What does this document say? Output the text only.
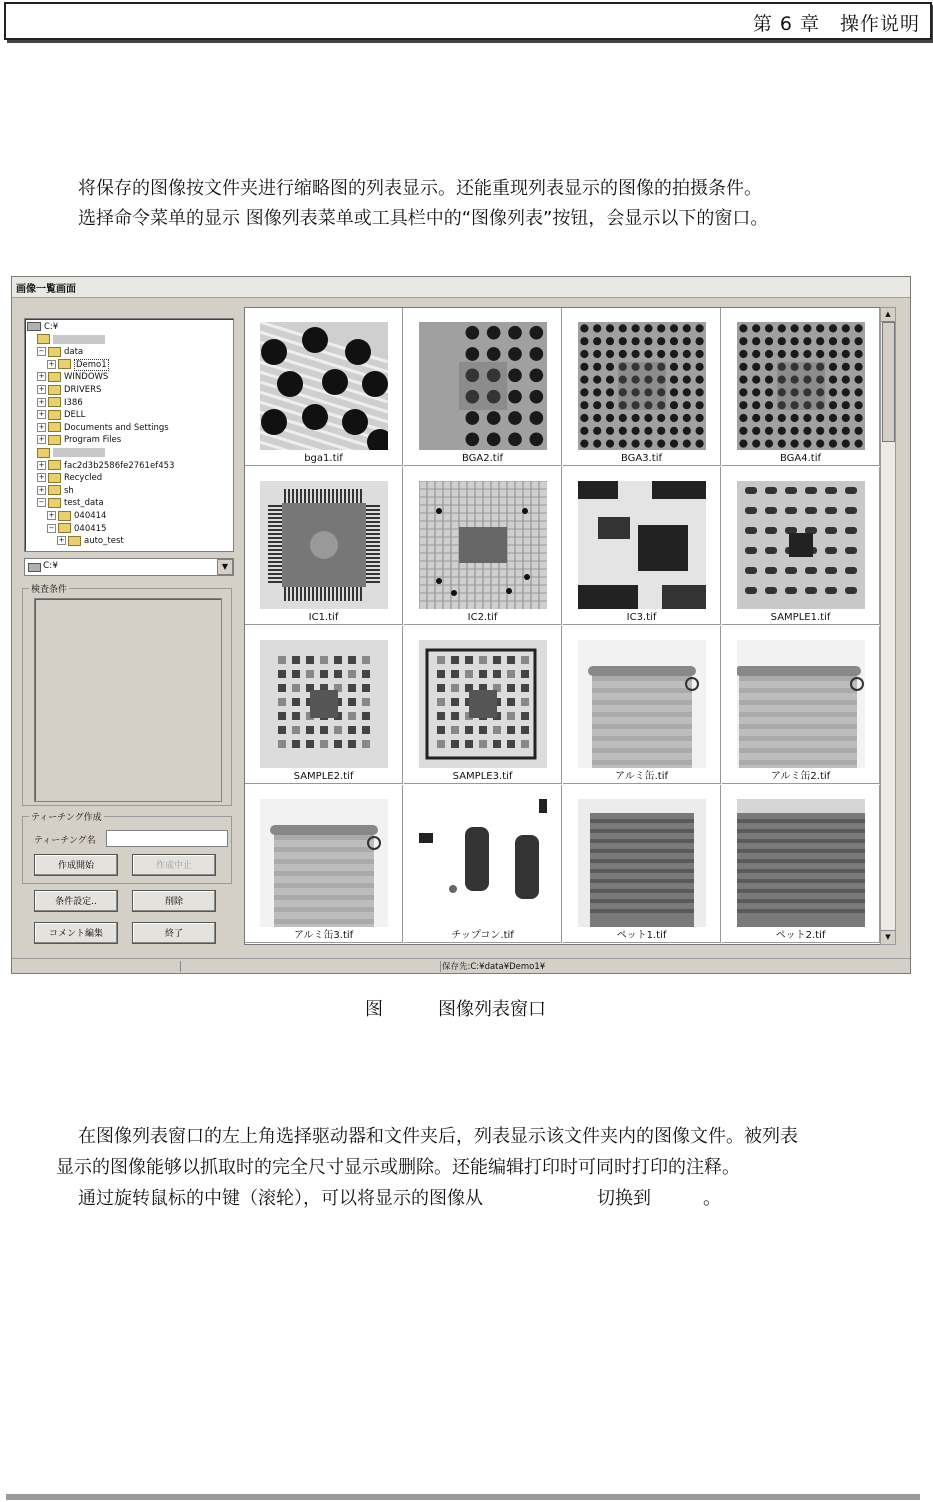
第 6 章　操作说明
将保存的图像按文件夹进行缩略图的列表显示。还能重现列表显示的图像的拍摄条件。
选择命令菜单的显示 图像列表菜单或工具栏中的“图像列表”按钮，会显示以下的窗口。
画像一覧画面
C:¥
− data
+	Demo1
+ WINDOWS
+ DRIVERS
+ I386
+ DELL
+ Documents and Settings
+ Program Files
+ fac2d3b2586fe2761ef453
+ Recycled
+ sh
− test_data
+ 040414
− 040415
+ auto_test
C:¥	▼
検査条件
ティーチング作成
ティーチング名
作成開始	作成中止
条件設定..	削除
コメント編集	終了
bga1.tif	BGA2.tif	BGA3.tif	BGA4.tif
IC1.tif	IC2.tif	IC3.tif	SAMPLE1.tif
SAMPLE2.tif	SAMPLE3.tif	アルミ缶.tif	アルミ缶2.tif
アルミ缶3.tif	チップコン.tif	ペット1.tif	ペット2.tif
▲
▼
保存先:C:¥data¥Demo1¥
图	图像列表窗口
在图像列表窗口的左上角选择驱动器和文件夹后，列表显示该文件夹内的图像文件。被列表
显示的图像能够以抓取时的完全尺寸显示或删除。还能编辑打印时可同时打印的注释。
通过旋转鼠标的中键（滚轮），可以将显示的图像从	切换到	。
